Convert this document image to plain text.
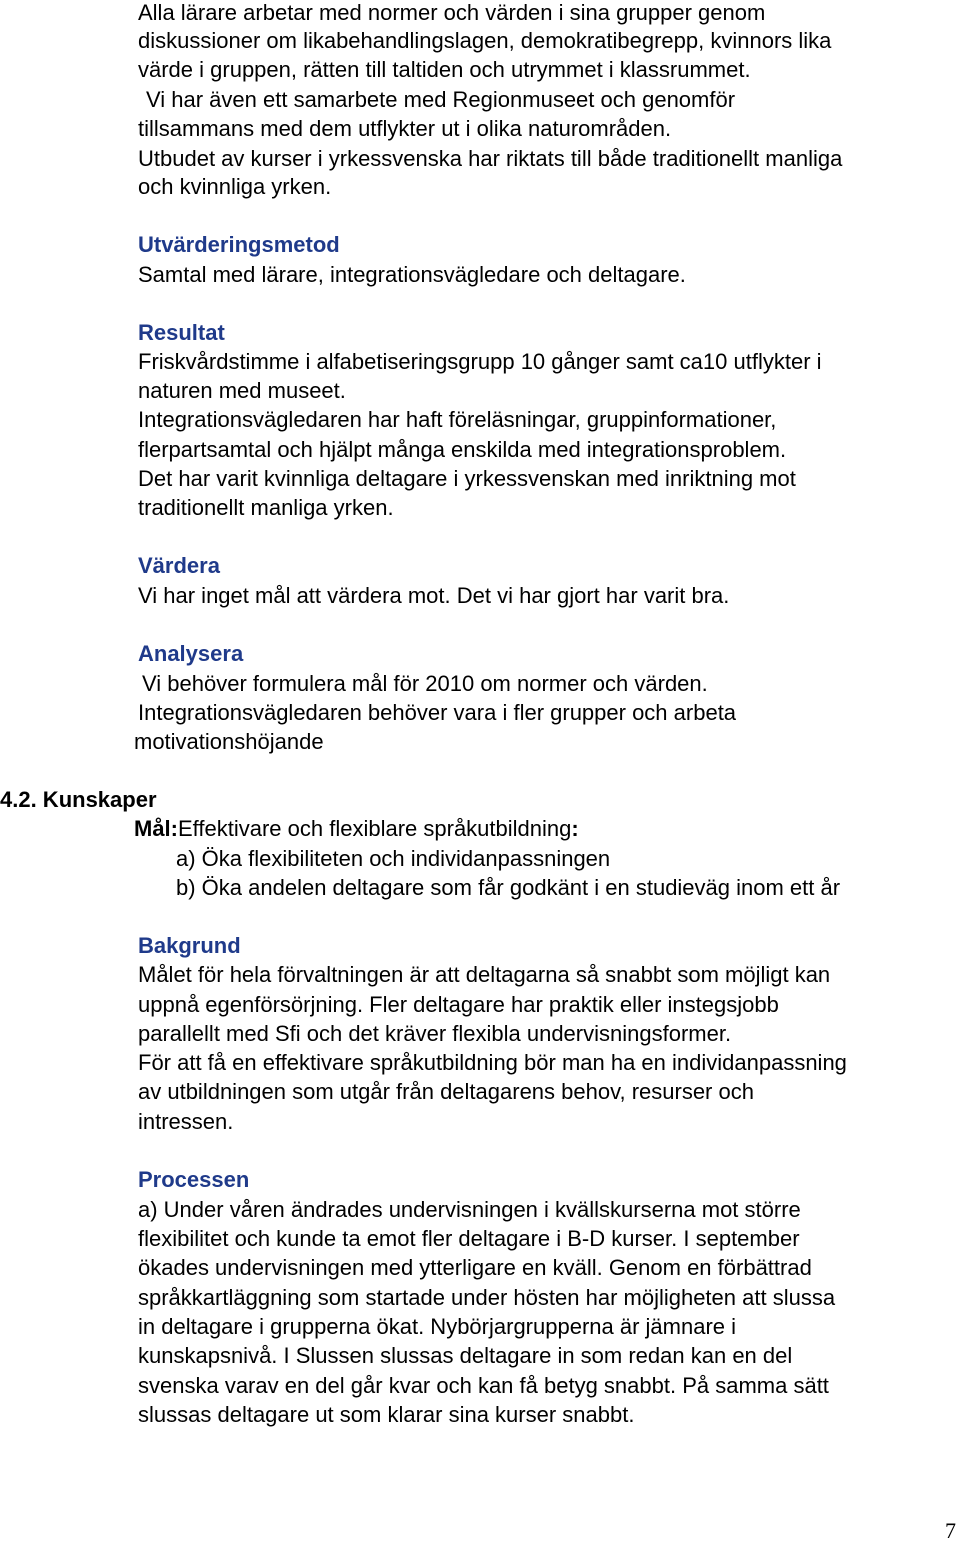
Alla lärare arbetar med normer och värden i sina grupper genom
diskussioner om likabehandlingslagen, demokratibegrepp, kvinnors lika
värde i gruppen, rätten till taltiden och utrymmet i klassrummet.
Vi har även ett samarbete med Regionmuseet och genomför
tillsammans med dem utflykter ut i olika naturområden.
Utbudet av kurser i yrkessvenska har riktats till både traditionellt manliga
och kvinnliga yrken.
Utvärderingsmetod
Samtal med lärare, integrationsvägledare och deltagare.
Resultat
Friskvårdstimme i alfabetiseringsgrupp 10 gånger samt ca10 utflykter i
naturen med museet.
Integrationsvägledaren har haft föreläsningar, gruppinformationer,
flerpartsamtal och hjälpt många enskilda med integrationsproblem.
Det har varit kvinnliga deltagare i yrkessvenskan med inriktning mot
traditionellt manliga yrken.
Värdera
Vi har inget mål att värdera mot. Det vi har gjort har varit bra.
Analysera
Vi behöver formulera mål för 2010 om normer och värden.
Integrationsvägledaren behöver vara i fler grupper och arbeta
motivationshöjande
4.2. Kunskaper
Mål:Effektivare och flexiblare språkutbildning:
a) Öka flexibiliteten och individanpassningen
b) Öka andelen deltagare som får godkänt i en studieväg inom ett år
Bakgrund
Målet för hela förvaltningen är att deltagarna så snabbt som möjligt kan
uppnå egenförsörjning. Fler deltagare har praktik eller instegsjobb
parallellt med Sfi och det kräver flexibla undervisningsformer.
För att få en effektivare språkutbildning bör man ha en individanpassning
av utbildningen som utgår från deltagarens behov, resurser och
intressen.
Processen
a) Under våren ändrades undervisningen i kvällskurserna mot större
flexibilitet och kunde ta emot fler deltagare i B-D kurser. I september
ökades undervisningen med ytterligare en kväll. Genom en förbättrad
språkkartläggning som startade under hösten har möjligheten att slussa
in deltagare i grupperna ökat. Nybörjargrupperna är jämnare i
kunskapsnivå. I Slussen slussas deltagare in som redan kan en del
svenska varav en del går kvar och kan få betyg snabbt. På samma sätt
slussas deltagare ut som klarar sina kurser snabbt.
7
